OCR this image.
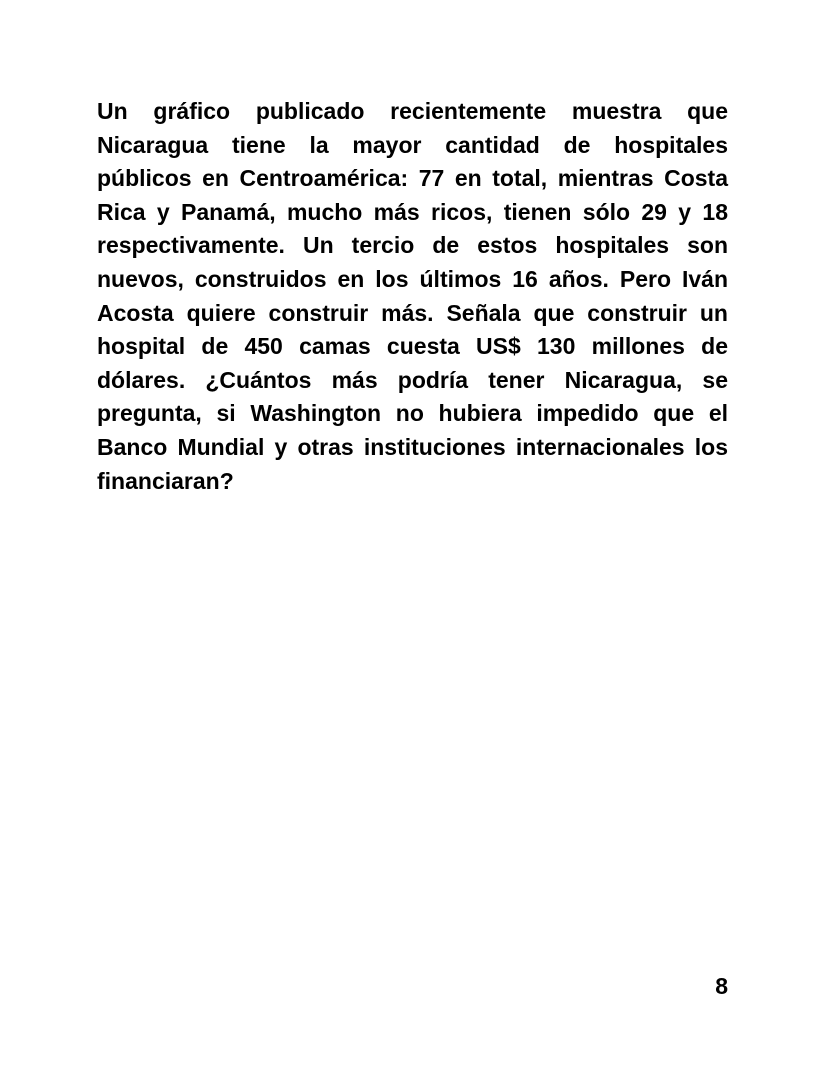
Un gráfico publicado recientemente muestra que
Nicaragua tiene la mayor cantidad de hospitales
públicos en Centroamérica: 77 en total, mientras Costa
Rica y Panamá, mucho más ricos, tienen sólo 29 y 18
respectivamente. Un tercio de estos hospitales son
nuevos, construidos en los últimos 16 años. Pero Iván
Acosta quiere construir más. Señala que construir un
hospital de 450 camas cuesta US$ 130 millones de
dólares. ¿Cuántos más podría tener Nicaragua, se
pregunta, si Washington no hubiera impedido que el
Banco Mundial y otras instituciones internacionales los
financiaran?
8
